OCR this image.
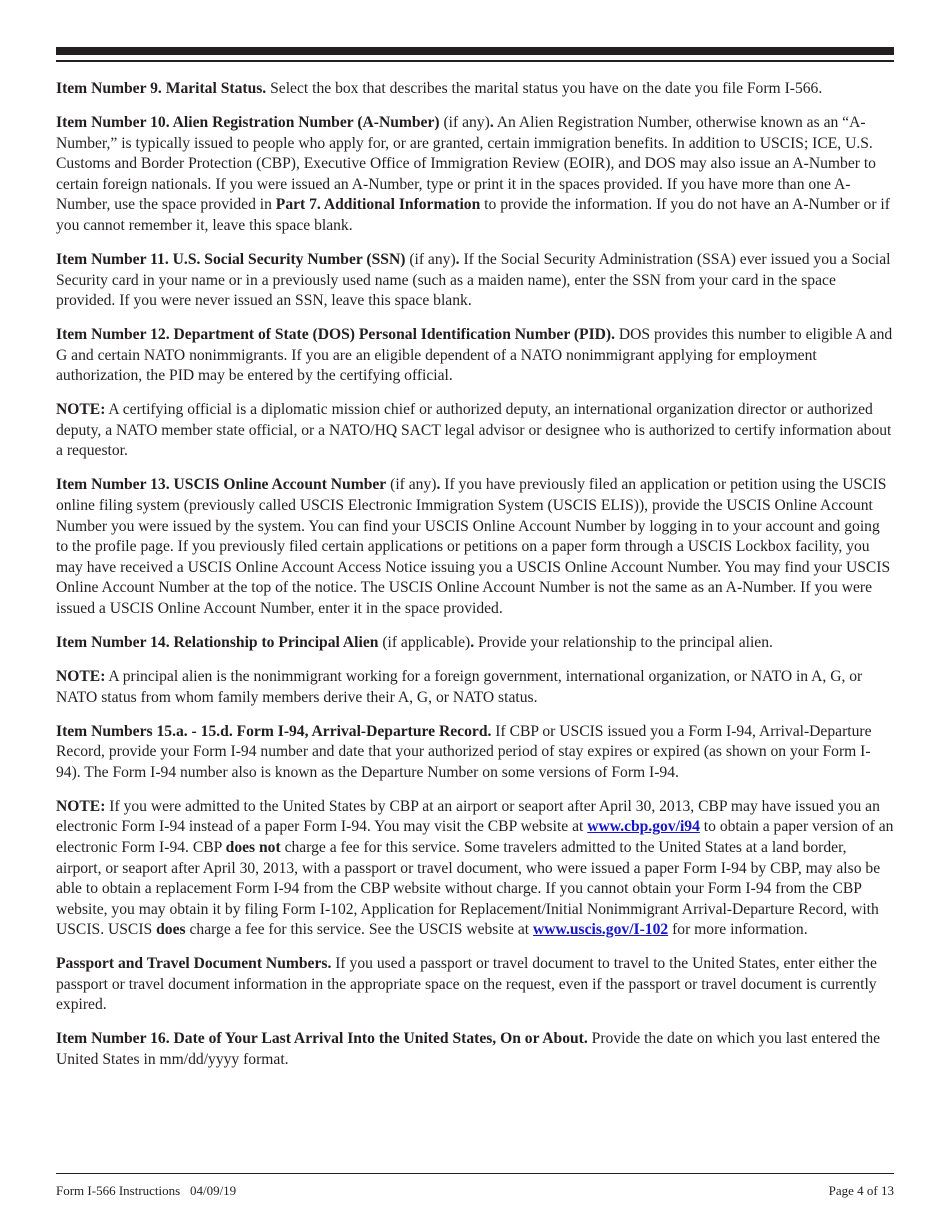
Item Number 9. Marital Status. Select the box that describes the marital status you have on the date you file Form I-566.

Item Number 10. Alien Registration Number (A-Number) (if any). An Alien Registration Number, otherwise known as an “A-Number,” is typically issued to people who apply for, or are granted, certain immigration benefits. In addition to USCIS; ICE, U.S. Customs and Border Protection (CBP), Executive Office of Immigration Review (EOIR), and DOS may also issue an A-Number to certain foreign nationals. If you were issued an A-Number, type or print it in the spaces provided. If you have more than one A-Number, use the space provided in Part 7. Additional Information to provide the information. If you do not have an A-Number or if you cannot remember it, leave this space blank.

Item Number 11. U.S. Social Security Number (SSN) (if any). If the Social Security Administration (SSA) ever issued you a Social Security card in your name or in a previously used name (such as a maiden name), enter the SSN from your card in the space provided. If you were never issued an SSN, leave this space blank.

Item Number 12. Department of State (DOS) Personal Identification Number (PID). DOS provides this number to eligible A and G and certain NATO nonimmigrants. If you are an eligible dependent of a NATO nonimmigrant applying for employment authorization, the PID may be entered by the certifying official.

NOTE: A certifying official is a diplomatic mission chief or authorized deputy, an international organization director or authorized deputy, a NATO member state official, or a NATO/HQ SACT legal advisor or designee who is authorized to certify information about a requestor.

Item Number 13. USCIS Online Account Number (if any). If you have previously filed an application or petition using the USCIS online filing system (previously called USCIS Electronic Immigration System (USCIS ELIS)), provide the USCIS Online Account Number you were issued by the system. You can find your USCIS Online Account Number by logging in to your account and going to the profile page. If you previously filed certain applications or petitions on a paper form through a USCIS Lockbox facility, you may have received a USCIS Online Account Access Notice issuing you a USCIS Online Account Number. You may find your USCIS Online Account Number at the top of the notice. The USCIS Online Account Number is not the same as an A-Number. If you were issued a USCIS Online Account Number, enter it in the space provided.

Item Number 14. Relationship to Principal Alien (if applicable). Provide your relationship to the principal alien.

NOTE: A principal alien is the nonimmigrant working for a foreign government, international organization, or NATO in A, G, or NATO status from whom family members derive their A, G, or NATO status.

Item Numbers 15.a. - 15.d. Form I-94, Arrival-Departure Record. If CBP or USCIS issued you a Form I-94, Arrival-Departure Record, provide your Form I-94 number and date that your authorized period of stay expires or expired (as shown on your Form I-94). The Form I-94 number also is known as the Departure Number on some versions of Form I-94.

NOTE: If you were admitted to the United States by CBP at an airport or seaport after April 30, 2013, CBP may have issued you an electronic Form I-94 instead of a paper Form I-94. You may visit the CBP website at www.cbp.gov/i94 to obtain a paper version of an electronic Form I-94. CBP does not charge a fee for this service. Some travelers admitted to the United States at a land border, airport, or seaport after April 30, 2013, with a passport or travel document, who were issued a paper Form I-94 by CBP, may also be able to obtain a replacement Form I-94 from the CBP website without charge. If you cannot obtain your Form I-94 from the CBP website, you may obtain it by filing Form I-102, Application for Replacement/Initial Nonimmigrant Arrival-Departure Record, with USCIS. USCIS does charge a fee for this service. See the USCIS website at www.uscis.gov/I-102 for more information.

Passport and Travel Document Numbers. If you used a passport or travel document to travel to the United States, enter either the passport or travel document information in the appropriate space on the request, even if the passport or travel document is currently expired.

Item Number 16. Date of Your Last Arrival Into the United States, On or About. Provide the date on which you last entered the United States in mm/dd/yyyy format.

Form I-566 Instructions   04/09/19	Page 4 of 13
